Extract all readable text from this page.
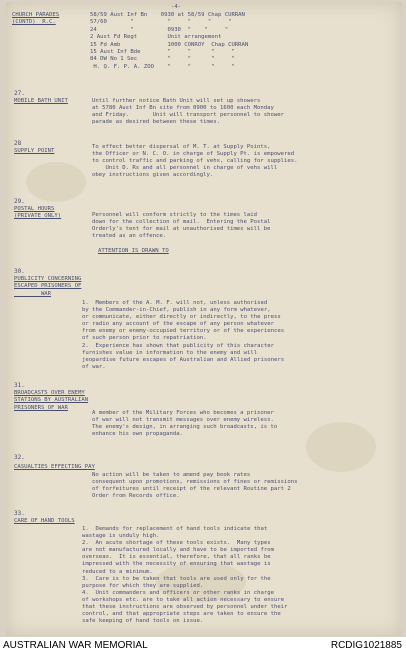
-4-
CHURCH PARADES
(CONTD)  R.C.
58/59 Aust Inf Bn    0930 at 58/59 Chap CURRAN
57/60       "          "     "     "     "
24          "          0930  "    "     "
2 Aust Fd Regt         Unit arrangement
15 Fd Amb              1000 CONROY  Chap CURRAN
15 Aust Inf Bde        "     "      "     "
84 DW No 1 Sec         "     "      "     "
H. Q. F. P. A. ZOO    "     "      "     "
27.
MOBILE BATH UNIT	Until further notice Bath Unit will set up showers
at 5780 Aust Inf Bn site from 0900 to 1600 each Monday
and Friday.       Unit will transport personnel to shower
parade as desired between these times.
28
SUPPLY POINT
To effect better dispersal of M. T. at Supply Points,
the Officer or N. C. O. in charge of Supply Pt. is empowered
to control traffic and parking of vehs, calling for supplies.
Unit D. Rs and all personnel in charge of vehs will
obey instructions given accordingly.
29.
POSTAL HOURS
(PRIVATE ONLY)	Personnel will conform strictly to the times laid
down for the collection of mail.  Entering the Postal
Orderly's tent for mail at unauthorised times will be
treated as an offence.
ATTENTION IS DRAWN TO
30.
PUBLICITY CONCERNING
ESCAPED PRISONERS OF
WAR
1.  Members of the A. M. F. will not, unless authorised
by the Commander-in-Chief, publish in any form whatever,
or communicate, either directly or indirectly, to the press
or radio any account of the escape of any person whatever
from enemy or enemy-occupied territory or of the experiences
of such person prior to repatriation.
2.  Experience has shown that publicity of this character
furnishes value in information to the enemy and will
jeopardise future escapes of Australian and Allied prisoners
of war.
31.
BROADCASTS OVER ENEMY
STATIONS BY AUSTRALIAN
PRISONERS OF WAR
A member of the Military Forces who becomes a prisoner
of war will not transmit messages over enemy wireless.
The enemy's design, in arranging such broadcasts, is to
enhance his own propaganda.
32.
CASUALTIES EFFECTING PAY
No action will be taken to amend pay book rates
consequent upon promotions, remissions of fines or remissions
of forfeitures until receipt of the relevant Routine part 2
Order from Records office.
33.
CARE OF HAND TOOLS
1.  Demands for replacement of hand tools indicate that
wastage is unduly high.
2.  An acute shortage of these tools exists.  Many types
are not manufactured locally and have to be imported from
overseas.  It is essential, therefore, that all ranks be
impressed with the necessity of ensuring that wastage is
reduced to a minimum.
3.  Care is to be taken that tools are used only for the
purpose for which they are supplied.
4.  Unit commanders and officers or other ranks in charge
of workshops etc. are to take all action necessary to ensure
that these instructions are observed by personnel under their
control, and that appropriate steps are taken to ensure the
safe keeping of hand tools on issue.
AUSTRALIAN WAR MEMORIAL	RCDIG1021885
